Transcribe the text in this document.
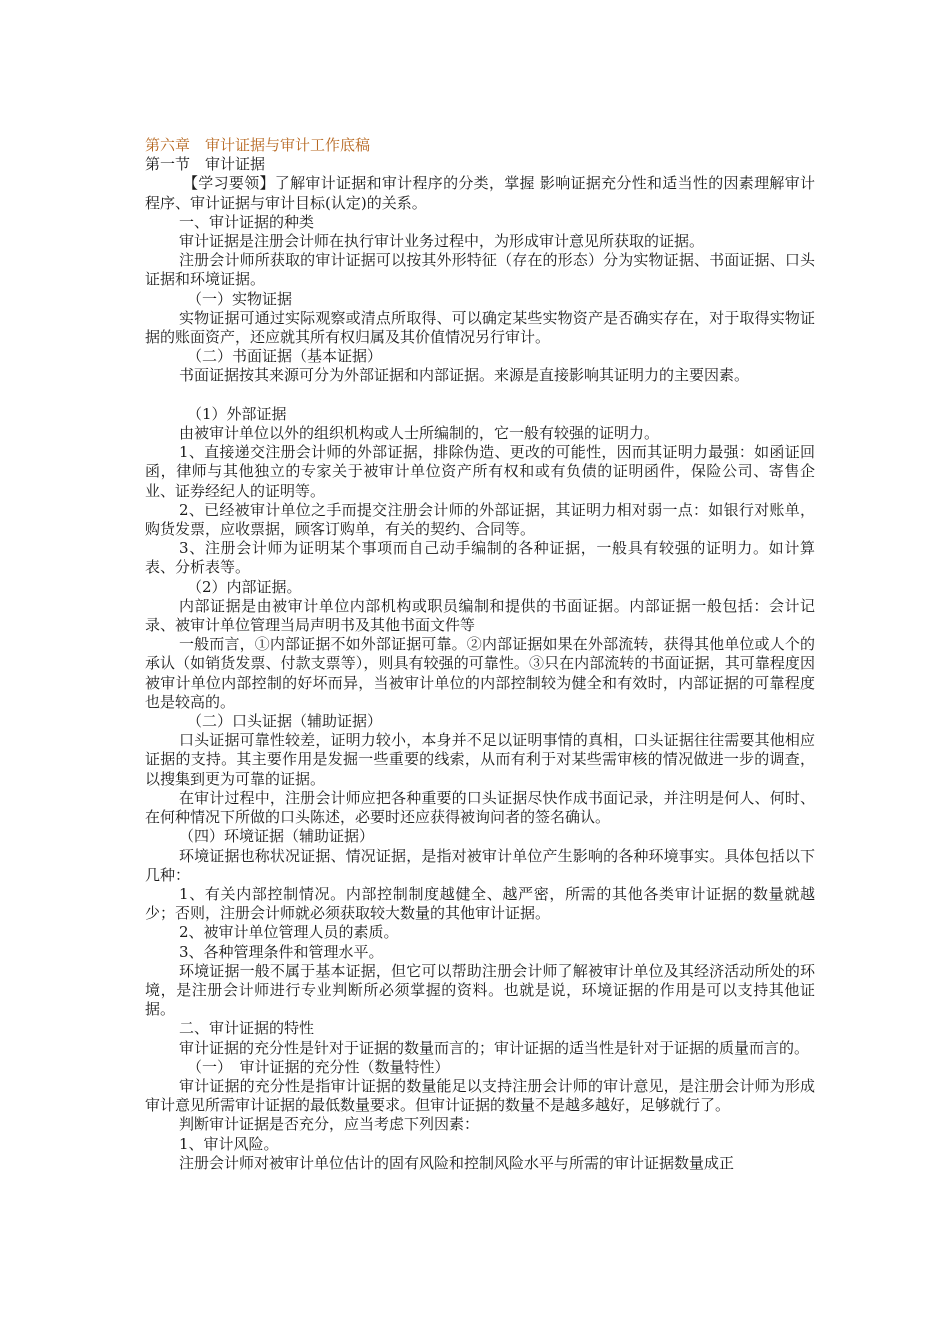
第六章　审计证据与审计工作底稿

第一节　审计证据

【学习要领】了解审计证据和审计程序的分类，掌握 影响证据充分性和适当性的因素理解审计程序、审计证据与审计目标(认定)的关系。

一、审计证据的种类

审计证据是注册会计师在执行审计业务过程中，为形成审计意见所获取的证据。

注册会计师所获取的审计证据可以按其外形特征（存在的形态）分为实物证据、书面证据、口头证据和环境证据。

（一）实物证据

实物证据可通过实际观察或清点所取得、可以确定某些实物资产是否确实存在，对于取得实物证据的账面资产，还应就其所有权归属及其价值情况另行审计。

（二）书面证据（基本证据）

书面证据按其来源可分为外部证据和内部证据。来源是直接影响其证明力的主要因素。

（1）外部证据

由被审计单位以外的组织机构或人士所编制的，它一般有较强的证明力。

1、直接递交注册会计师的外部证据，排除伪造、更改的可能性，因而其证明力最强：如函证回函，律师与其他独立的专家关于被审计单位资产所有权和或有负债的证明函件，保险公司、寄售企业、证券经纪人的证明等。

2、已经被审计单位之手而提交注册会计师的外部证据，其证明力相对弱一点：如银行对账单，购货发票，应收票据，顾客订购单，有关的契约、合同等。

3、注册会计师为证明某个事项而自己动手编制的各种证据，一般具有较强的证明力。如计算表、分析表等。

（2）内部证据。

内部证据是由被审计单位内部机构或职员编制和提供的书面证据。内部证据一般包括：会计记录、被审计单位管理当局声明书及其他书面文件等

一般而言，①内部证据不如外部证据可靠。②内部证据如果在外部流转，获得其他单位或人个的承认（如销货发票、付款支票等），则具有较强的可靠性。③只在内部流转的书面证据，其可靠程度因被审计单位内部控制的好坏而异，当被审计单位的内部控制较为健全和有效时，内部证据的可靠程度也是较高的。

（二）口头证据（辅助证据）

口头证据可靠性较差，证明力较小，本身并不足以证明事情的真相，口头证据往往需要其他相应证据的支持。其主要作用是发掘一些重要的线索，从而有利于对某些需审核的情况做进一步的调查，以搜集到更为可靠的证据。

在审计过程中，注册会计师应把各种重要的口头证据尽快作成书面记录，并注明是何人、何时、在何种情况下所做的口头陈述，必要时还应获得被询问者的签名确认。

（四）环境证据（辅助证据）

环境证据也称状况证据、情况证据，是指对被审计单位产生影响的各种环境事实。具体包括以下几种：

1、有关内部控制情况。内部控制制度越健全、越严密，所需的其他各类审计证据的数量就越少；否则，注册会计师就必须获取较大数量的其他审计证据。

2、被审计单位管理人员的素质。

3、各种管理条件和管理水平。

环境证据一般不属于基本证据，但它可以帮助注册会计师了解被审计单位及其经济活动所处的环境，是注册会计师进行专业判断所必须掌握的资料。也就是说，环境证据的作用是可以支持其他证据。

二、审计证据的特性

审计证据的充分性是针对于证据的数量而言的；审计证据的适当性是针对于证据的质量而言的。

（一）　审计证据的充分性（数量特性）

审计证据的充分性是指审计证据的数量能足以支持注册会计师的审计意见，是注册会计师为形成审计意见所需审计证据的最低数量要求。但审计证据的数量不是越多越好，足够就行了。

判断审计证据是否充分，应当考虑下列因素：

1、审计风险。

注册会计师对被审计单位估计的固有风险和控制风险水平与所需的审计证据数量成正
